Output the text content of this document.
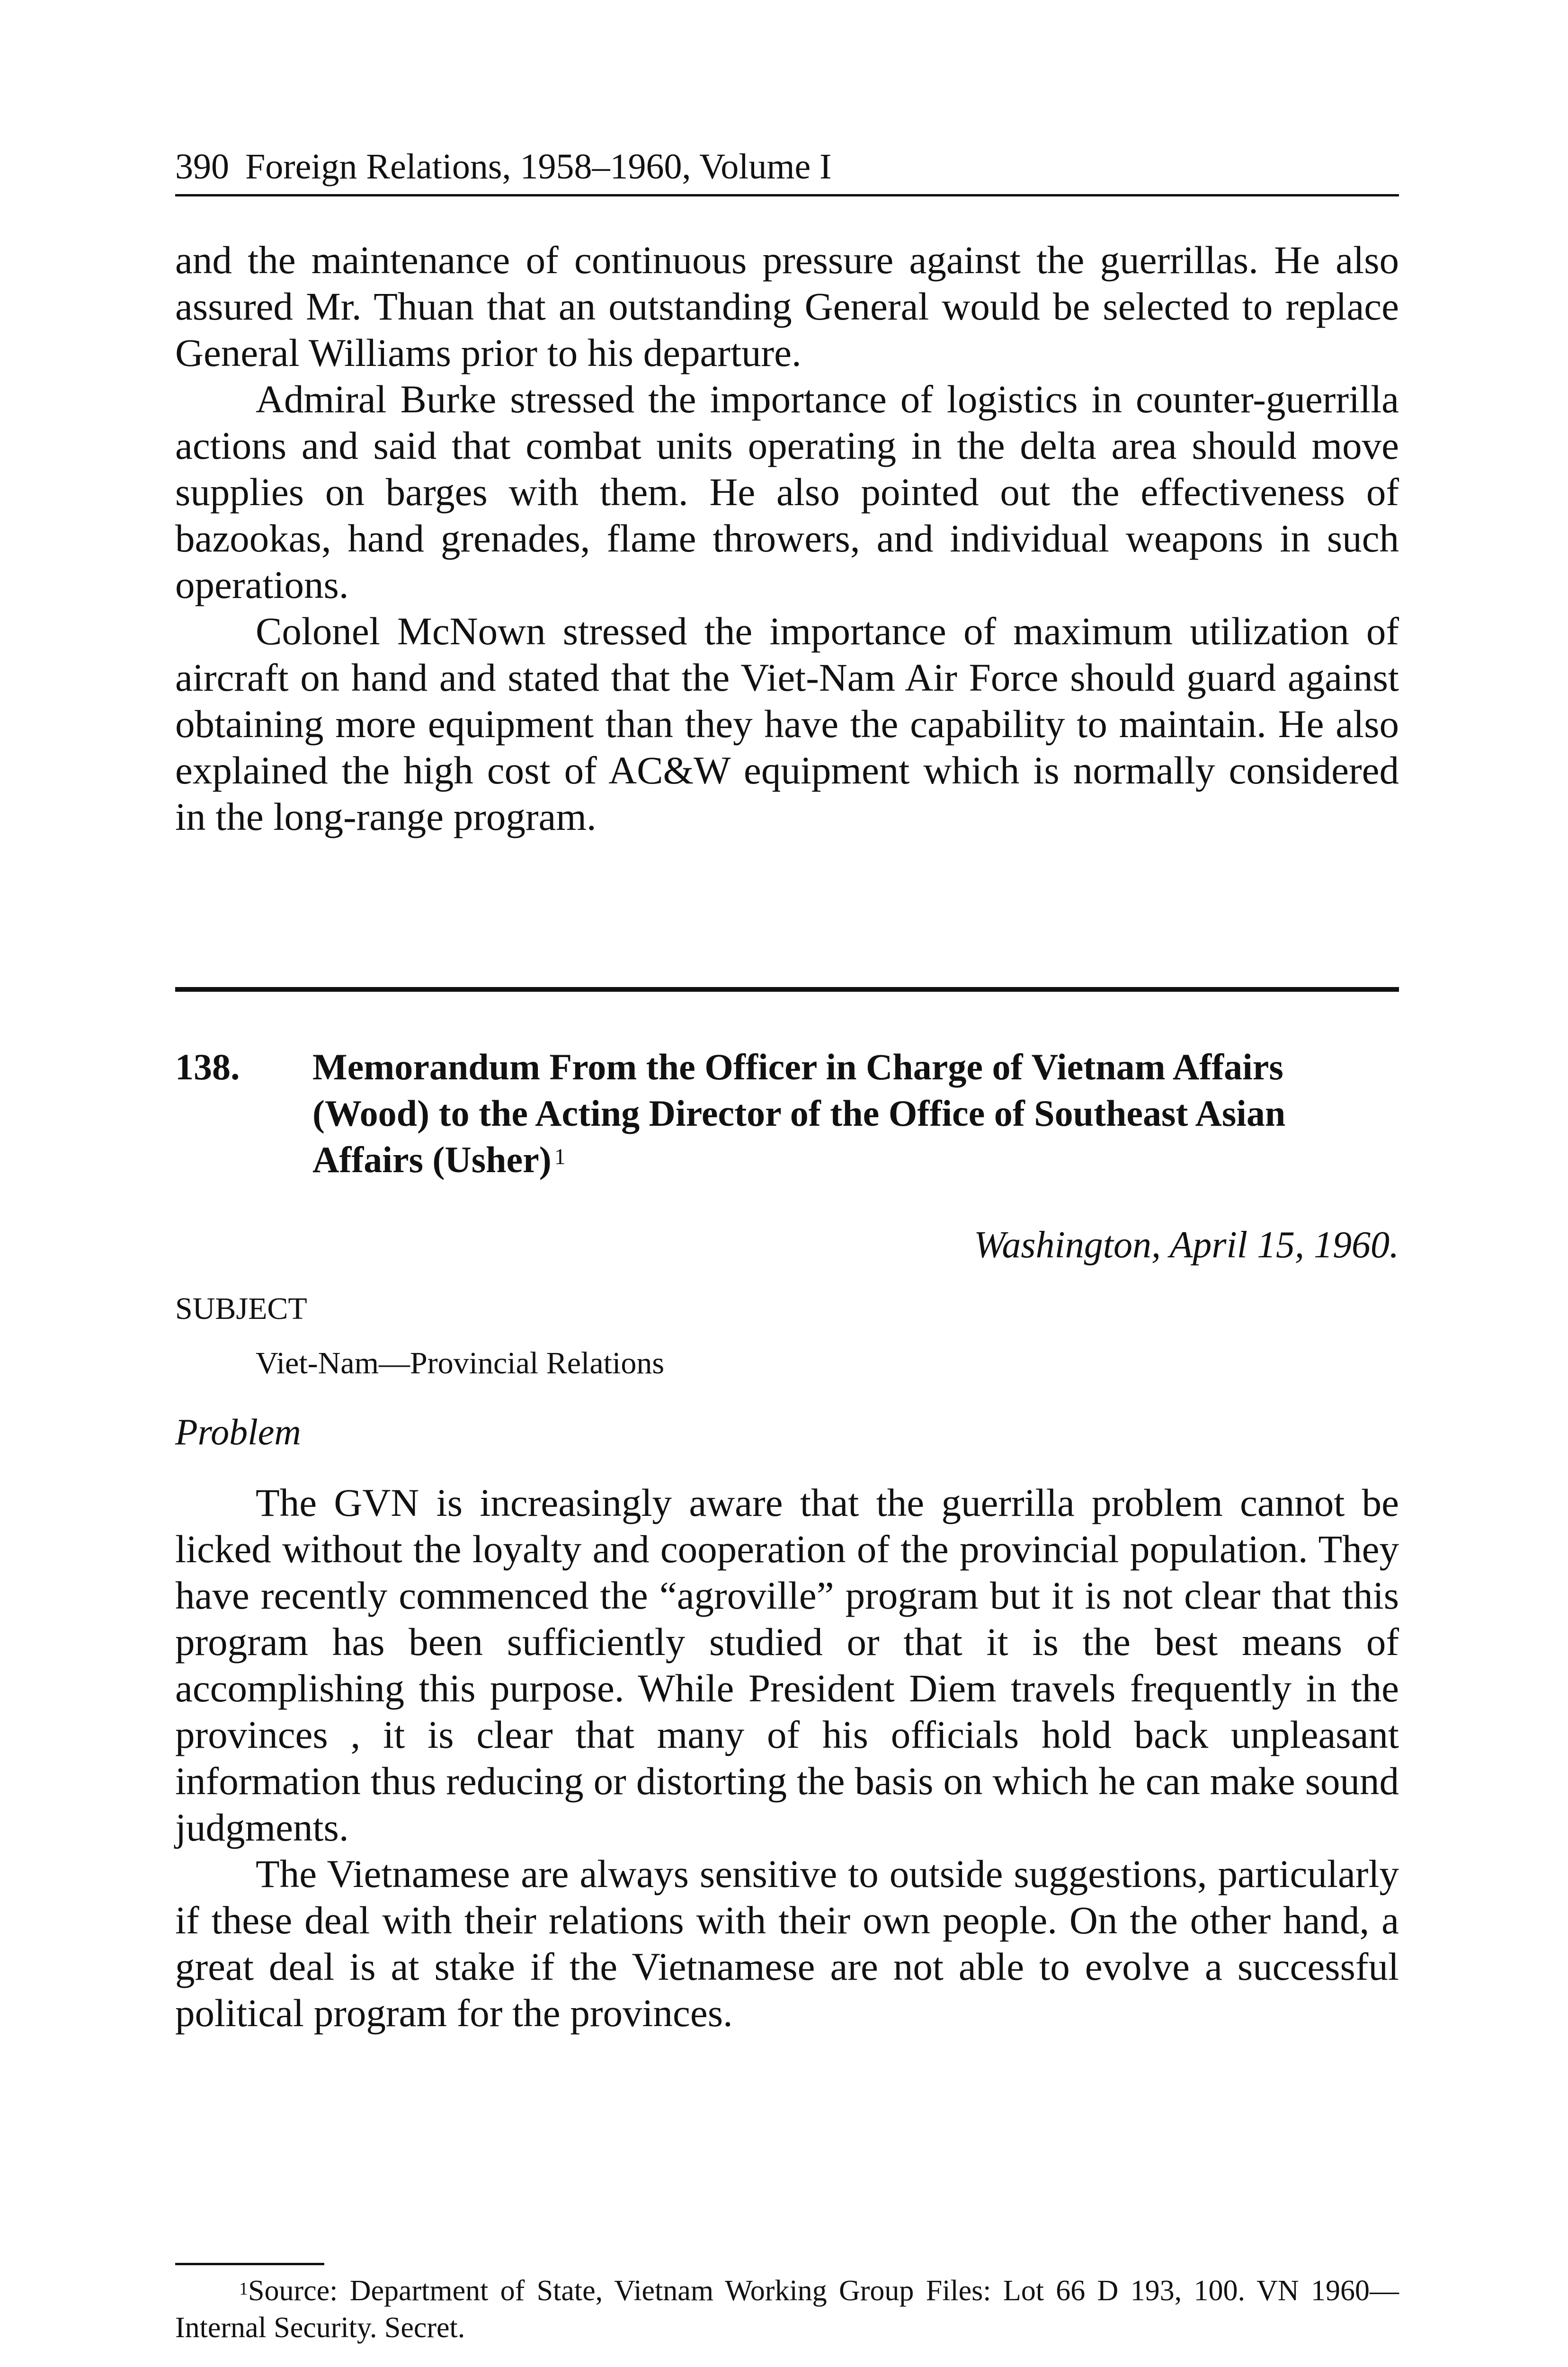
390 Foreign Relations, 1958–1960, Volume I

and the maintenance of continuous pressure against the guerrillas. He also assured Mr. Thuan that an outstanding General would be selected to replace General Williams prior to his departure.

Admiral Burke stressed the importance of logistics in counter-guerrilla actions and said that combat units operating in the delta area should move supplies on barges with them. He also pointed out the effectiveness of bazookas, hand grenades, flame throwers, and individual weapons in such operations.

Colonel McNown stressed the importance of maximum utilization of aircraft on hand and stated that the Viet-Nam Air Force should guard against obtaining more equipment than they have the capability to maintain. He also explained the high cost of AC&W equipment which is normally considered in the long-range program.

138. Memorandum From the Officer in Charge of Vietnam Affairs (Wood) to the Acting Director of the Office of Southeast Asian Affairs (Usher) $^1$
Washington, April 15, 1960.
SUBJECT
Viet-Nam—Provincial Relations
Problem

The GVN is increasingly aware that the guerrilla problem cannot be licked without the loyalty and cooperation of the provincial population. They have recently commenced the “agroville” program but it is not clear that this program has been sufficiently studied or that it is the best means of accomplishing this purpose. While President Diem travels frequently in the provinces , it is clear that many of his officials hold back unpleasant information thus reducing or distorting the basis on which he can make sound judgments.

The Vietnamese are always sensitive to outside suggestions, particularly if these deal with their relations with their own people. On the other hand, a great deal is at stake if the Vietnamese are not able to evolve a successful political program for the provinces.

$^1$Source: Department of State, Vietnam Working Group Files: Lot 66 D 193, 100. VN 1960—Internal Security. Secret.
